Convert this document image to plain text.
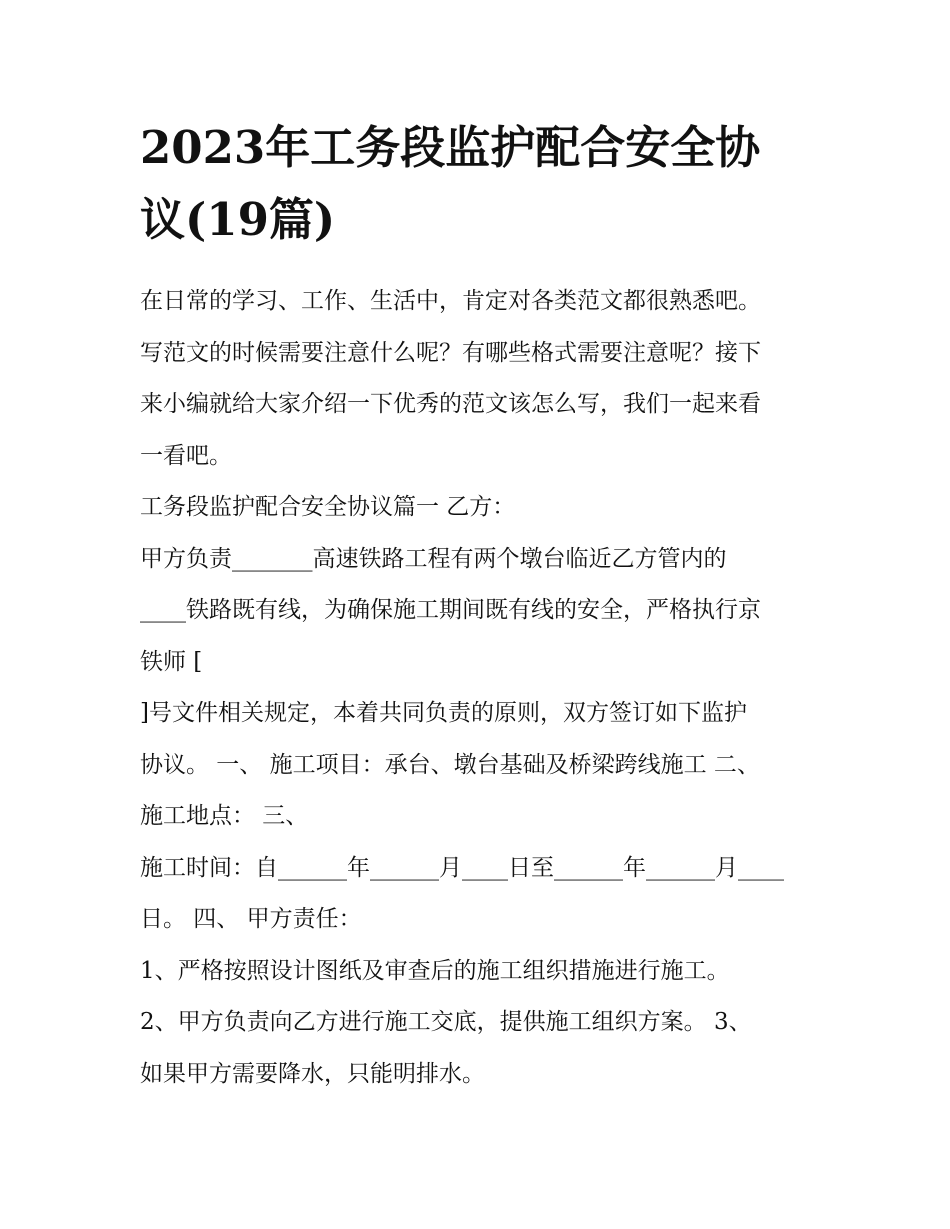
2023年工务段监护配合安全协
议(19篇)

在日常的学习、工作、生活中，肯定对各类范文都很熟悉吧。

写范文的时候需要注意什么呢？有哪些格式需要注意呢？接下

来小编就给大家介绍一下优秀的范文该怎么写，我们一起来看

一看吧。

工务段监护配合安全协议篇一 乙方：

甲方负责_______高速铁路工程有两个墩台临近乙方管内的

____铁路既有线，为确保施工期间既有线的安全，严格执行京

铁师 [

]号文件相关规定，本着共同负责的原则，双方签订如下监护

协议。 一、 施工项目：承台、墩台基础及桥梁跨线施工 二、

施工地点： 三、

施工时间：自______年______月____日至______年______月____

日。 四、 甲方责任：

1、严格按照设计图纸及审查后的施工组织措施进行施工。

2、甲方负责向乙方进行施工交底，提供施工组织方案。 3、

如果甲方需要降水，只能明排水。
